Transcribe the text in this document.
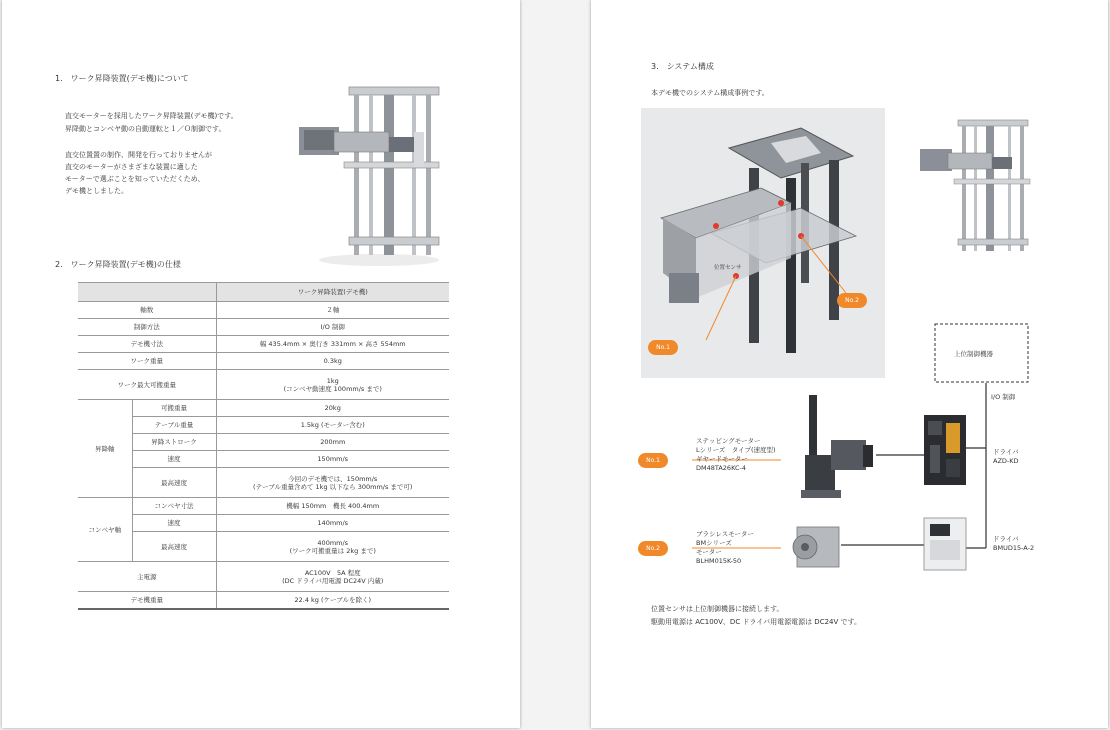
1.　ワーク昇降装置(デモ機)について
直交モーターを採用したワーク昇降装置(デモ機)です。
昇降動とコンベヤ動の自動運転と１／Ｏ制御です。
直交位置置の制作、開発を行っておりませんが
直交のモーターがさまざまな装置に適した
モーターで選ぶことを知っていただくため、
デモ機としました。
2.　ワーク昇降装置(デモ機)の仕様
		ワーク昇降装置(デモ機)
軸数		２軸
制御方法		I/O 制御
デモ機寸法		幅 435.4mm × 奥行き 331mm × 高さ 554mm
ワーク重量		0.3kg
ワーク最大可搬重量		1kg
(コンベヤ動速度 100mm/s まで)

昇降軸	可搬重量	20kg
	テーブル重量	1.5kg (モーター含む)
	昇降ストローク	200mm
	速度	150mm/s
	最高速度	今回のデモ機では、150mm/s
(テーブル重量含めて 1kg 以下なら 300mm/s まで可)

コンベヤ軸	コンベヤ寸法	機幅 150mm　機長 400.4mm
	速度	140mm/s
	最高速度	400mm/s
(ワーク可搬重量は 2kg まで)

主電源		AC100V　5A 程度
(DC ドライバ用電源 DC24V 内蔵)

デモ機重量		22.4 kg (ケーブルを除く)
3.　システム構成
本デモ機でのシステム構成事例です。
位置センサ
No.1
No.2
上位制御機器
I/O 制御
No.1
No.2
ステッピングモーター
Lシリーズ　タイプ(速度型)
ギヤードモーター
DM48TA26KC-4
ブラシレスモーター
BMシリーズ
モーター
BLHM015K-50
ドライバ
AZD-KD
ドライバ
BMUD15-A-2
位置センサは上位制御機器に接続します。
駆動用電源は AC100V、DC ドライバ用電源電源は DC24V です。
